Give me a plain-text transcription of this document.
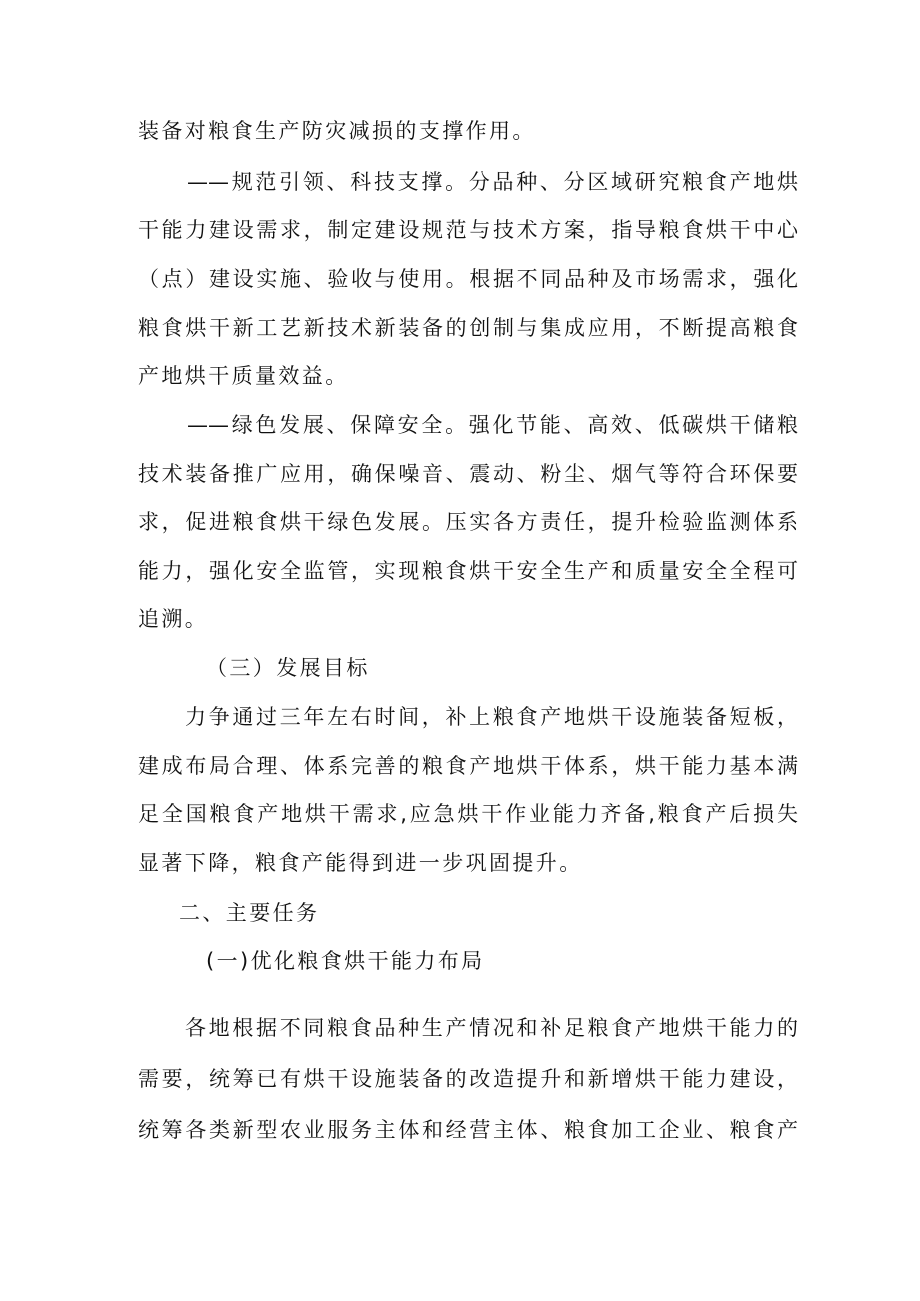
装备对粮食生产防灾减损的支撑作用。

——规范引领、科技支撑。分品种、分区域研究粮食产地烘

干能力建设需求，制定建设规范与技术方案，指导粮食烘干中心

（点）建设实施、验收与使用。根据不同品种及市场需求，强化

粮食烘干新工艺新技术新装备的创制与集成应用，不断提高粮食

产地烘干质量效益。

——绿色发展、保障安全。强化节能、高效、低碳烘干储粮

技术装备推广应用，确保噪音、震动、粉尘、烟气等符合环保要

求，促进粮食烘干绿色发展。压实各方责任，提升检验监测体系

能力，强化安全监管，实现粮食烘干安全生产和质量安全全程可

追溯。

（三）发展目标

力争通过三年左右时间，补上粮食产地烘干设施装备短板，

建成布局合理、体系完善的粮食产地烘干体系，烘干能力基本满

足全国粮食产地烘干需求,应急烘干作业能力齐备,粮食产后损失

显著下降，粮食产能得到进一步巩固提升。

二、主要任务

(一)优化粮食烘干能力布局

各地根据不同粮食品种生产情况和补足粮食产地烘干能力的

需要，统筹已有烘干设施装备的改造提升和新增烘干能力建设，

统筹各类新型农业服务主体和经营主体、粮食加工企业、粮食产
